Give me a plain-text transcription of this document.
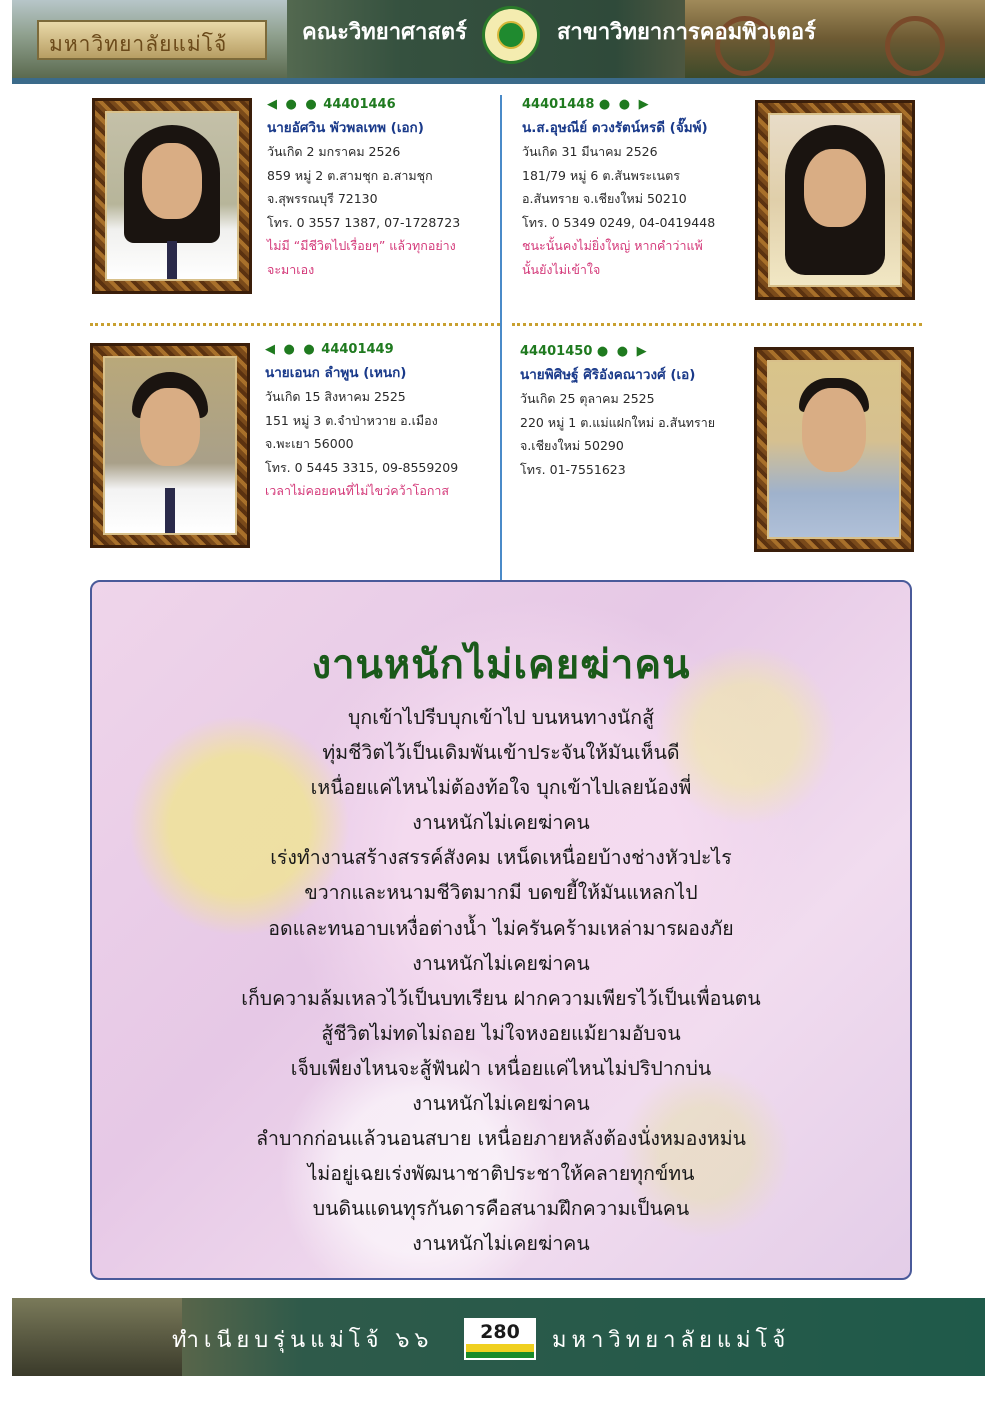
มหาวิทยาลัยแม่โจ้	คณะวิทยาศาสตร์	สาขาวิทยาการคอมพิวเตอร์
◀ ● ● 44401446
นายอัศวิน พัวพลเทพ (เอก)
วันเกิด 2 มกราคม 2526
859 หมู่ 2 ต.สามชุก อ.สามชุก
จ.สุพรรณบุรี 72130
โทร. 0 3557 1387, 07-1728723
ไม่มี “มีชีวิตไปเรื่อยๆ” แล้วทุกอย่าง
จะมาเอง
44401448 ● ● ▶
น.ส.อุษณีย์ ดวงรัตน์หรดี (จั๊มพ์)
วันเกิด 31 มีนาคม 2526
181/79 หมู่ 6 ต.สันพระเนตร
อ.สันทราย จ.เชียงใหม่ 50210
โทร. 0 5349 0249, 04-0419448
ชนะนั้นคงไม่ยิ่งใหญ่ หากคำว่าแพ้
นั้นยังไม่เข้าใจ
◀ ● ● 44401449
นายเอนก ลำพูน (เหนก)
วันเกิด 15 สิงหาคม 2525
151 หมู่ 3 ต.จำป่าหวาย อ.เมือง
จ.พะเยา 56000
โทร. 0 5445 3315, 09-8559209
เวลาไม่คอยคนที่ไม่ไขว่คว้าโอกาส
44401450 ● ● ▶
นายพิศิษฐ์ ศิริอังคณาวงศ์ (เอ)
วันเกิด 25 ตุลาคม 2525
220 หมู่ 1 ต.แม่แฝกใหม่ อ.สันทราย
จ.เชียงใหม่ 50290
โทร. 01-7551623
งานหนักไม่เคยฆ่าคน
บุกเข้าไปรีบบุกเข้าไป บนหนทางนักสู้
ทุ่มชีวิตไว้เป็นเดิมพันเข้าประจันให้มันเห็นดี
เหนื่อยแค่ไหนไม่ต้องท้อใจ บุกเข้าไปเลยน้องพี่
งานหนักไม่เคยฆ่าคน
เร่งทำงานสร้างสรรค์สังคม เหน็ดเหนื่อยบ้างช่างหัวปะไร
ขวากและหนามชีวิตมากมี บดขยี้ให้มันแหลกไป
อดและทนอาบเหงื่อต่างน้ำ ไม่ครันคร้ามเหล่ามารผองภัย
งานหนักไม่เคยฆ่าคน
เก็บความล้มเหลวไว้เป็นบทเรียน ฝากความเพียรไว้เป็นเพื่อนตน
สู้ชีวิตไม่ทดไม่ถอย ไม่ใจหงอยแม้ยามอับจน
เจ็บเพียงไหนจะสู้ฟันฝ่า เหนื่อยแค่ไหนไม่ปริปากบ่น
งานหนักไม่เคยฆ่าคน
ลำบากก่อนแล้วนอนสบาย เหนื่อยภายหลังต้องนั่งหมองหม่น
ไม่อยู่เฉยเร่งพัฒนาชาติประชาให้คลายทุกข์ทน
บนดินแดนทุรกันดารคือสนามฝึกความเป็นคน
งานหนักไม่เคยฆ่าคน
ทำเนียบรุ่นแม่โจ้ ๖๖	280	มหาวิทยาลัยแม่โจ้
